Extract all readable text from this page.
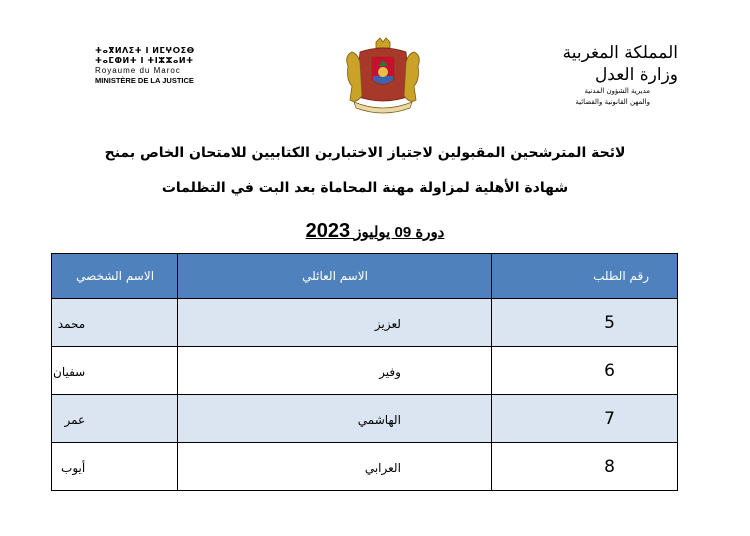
ⵜⴰⴳⵍⴷⵉⵜ ⵏ ⵍⵎⵖⵔⵉⴱ
ⵜⴰⵎⵀⵍⵜ ⵏ ⵜⵏⵣⵣⴰⵍⵜ
Royaume du Maroc
MINISTÈRE DE LA JUSTICE
المملكة المغربية
وزارة العدل
مديرية الشؤون المدنية
والمهن القانونية والقضائية
لائحة المترشحين المقبولين لاجتياز الاختبارين الكتابيين للامتحان الخاص بمنح
شهادة الأهلية لمزاولة مهنة المحاماة بعد البت في التظلمات
دورة 09 يوليوز 2023
رقم الطلب	الاسم العائلي	الاسم الشخصي
5	لعزيز	محمد
6	وفير	سفيان
7	الهاشمي	عمر
8	العرابي	أيوب
